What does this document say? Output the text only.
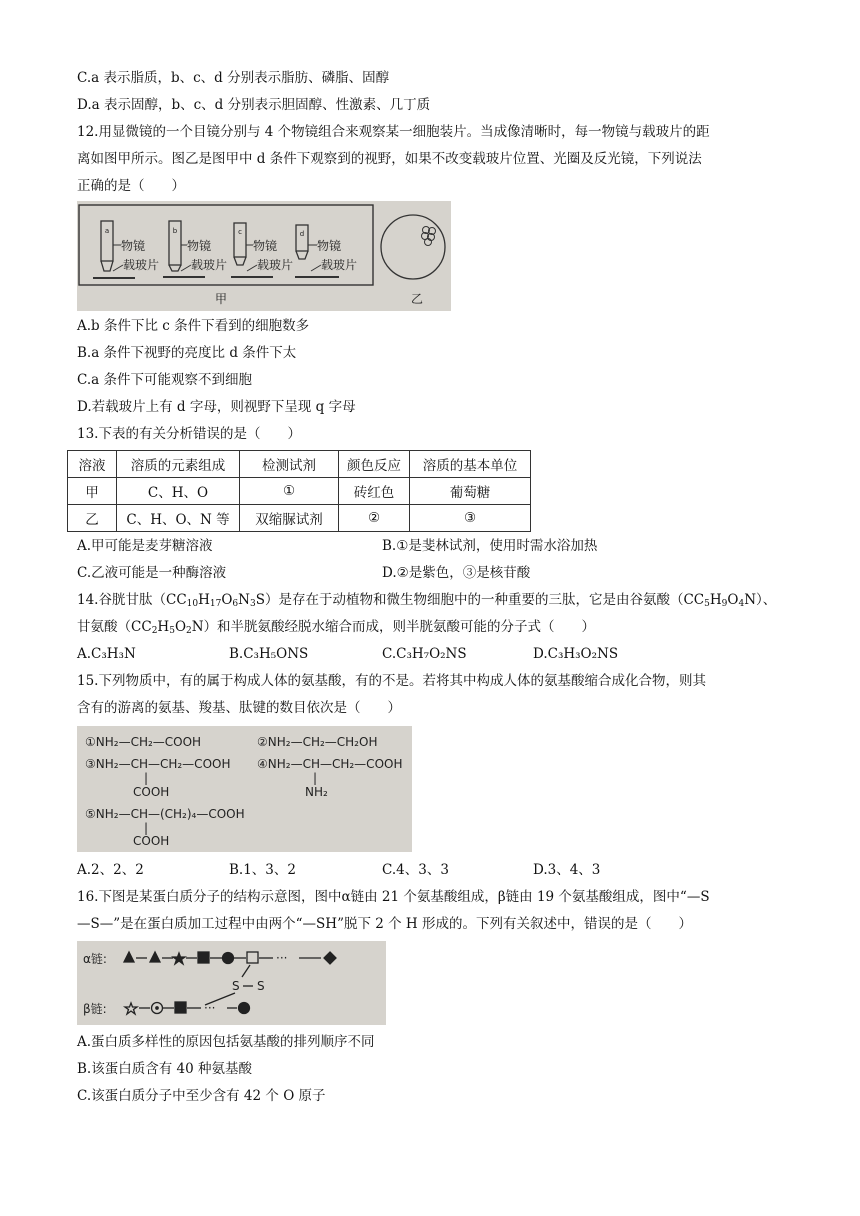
C.a 表示脂质，b、c、d 分别表示脂肪、磷脂、固醇
D.a 表示固醇，b、c、d 分别表示胆固醇、性激素、几丁质
12.用显微镜的一个目镜分别与 4 个物镜组合来观察某一细胞装片。当成像清晰时，每一物镜与载玻片的距
离如图甲所示。图乙是图甲中 d 条件下观察到的视野，如果不改变载玻片位置、光圈及反光镜，下列说法
正确的是（　　）
a
物镜
载玻片
b
物镜
载玻片
c
物镜
载玻片
d
物镜
载玻片
甲	乙
A.b 条件下比 c 条件下看到的细胞数多
B.a 条件下视野的亮度比 d 条件下太
C.a 条件下可能观察不到细胞
D.若载玻片上有 d 字母，则视野下呈现 q 字母
13.下表的有关分析错误的是（　　）
溶液	溶质的元素组成	检测试剂	颜色反应	溶质的基本单位
甲	C、H、O	①	砖红色	葡萄糖
乙	C、H、O、N 等	双缩脲试剂	②	③
A.甲可能是麦芽糖溶液	B.①是斐林试剂，使用时需水浴加热
C.乙液可能是一种酶溶液	D.②是紫色，③是核苷酸
14.谷胱甘肽$(CC_{10}H_{17}O_6N_3S)$是存在于动植物和微生物细胞中的一种重要的三肽，它是由谷氨酸$(CC_5H_9O_4N)$、
甘氨酸$(CC_2H_5O_2N)$和半胱氨酸经脱水缩合而成，则半胱氨酸可能的分子式（　　）
A.C₃H₃N	B.C₃H₅ONS	C.C₃H₇O₂NS	D.C₃H₃O₂NS
15.下列物质中，有的属于构成人体的氨基酸，有的不是。若将其中构成人体的氨基酸缩合成化合物，则其
含有的游离的氨基、羧基、肽键的数目依次是（　　）
①NH₂—CH₂—COOH	②NH₂—CH₂—CH₂OH
③NH₂—CH—CH₂—COOH ④NH₂—CH—CH₂—COOH
|	|
COOH	NH₂
⑤NH₂—CH—(CH₂)₄—COOH
|
COOH
A.2、2、2	B.1、3、2	C.4、3、3	D.3、4、3
16.下图是某蛋白质分子的结构示意图，图中α链由 21 个氨基酸组成，β链由 19 个氨基酸组成，图中“—S
—S—”是在蛋白质加工过程中由两个“—SH”脱下 2 个 H 形成的。下列有关叙述中，错误的是（　　）
α链:	···
S S
β链:	···
A.蛋白质多样性的原因包括氨基酸的排列顺序不同
B.该蛋白质含有 40 种氨基酸
C.该蛋白质分子中至少含有 42 个 O 原子
